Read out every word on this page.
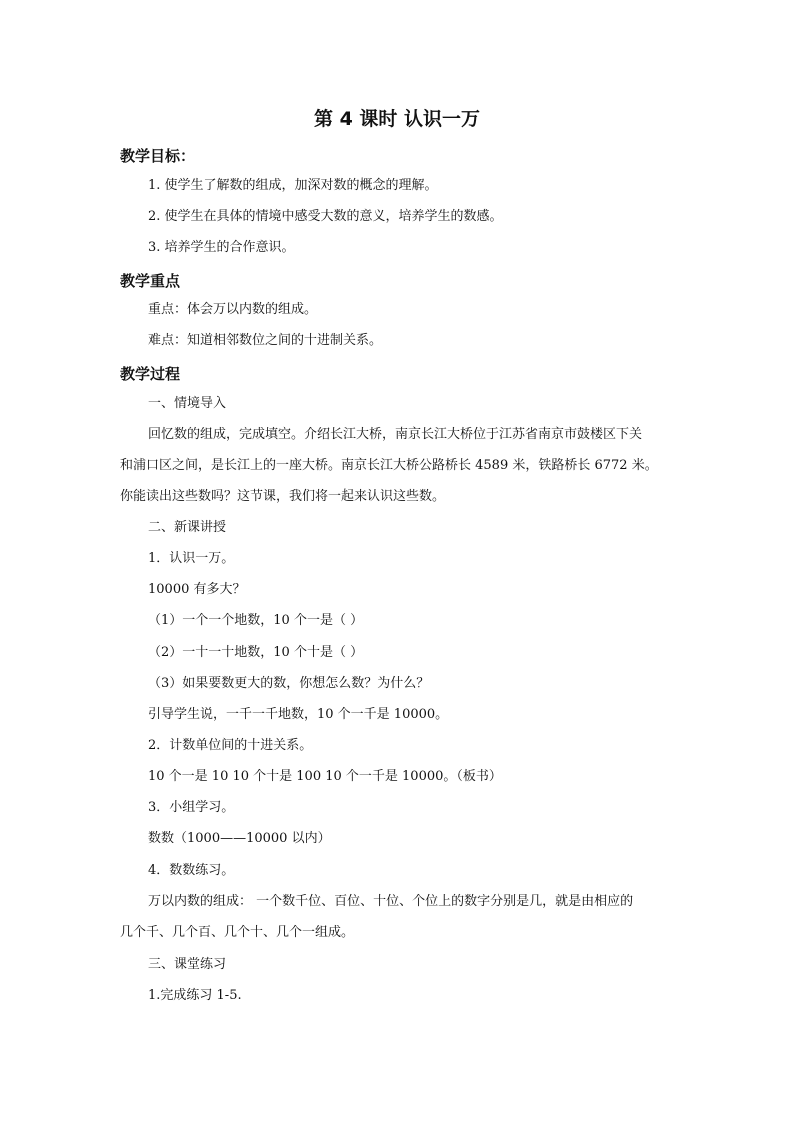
第 4 课时 认识一万
教学目标：
1. 使学生了解数的组成，加深对数的概念的理解。
2. 使学生在具体的情境中感受大数的意义，培养学生的数感。
3. 培养学生的合作意识。
教学重点
重点：体会万以内数的组成。
难点：知道相邻数位之间的十进制关系。
教学过程
一、情境导入
回忆数的组成，完成填空。介绍长江大桥，南京长江大桥位于江苏省南京市鼓楼区下关
和浦口区之间，是长江上的一座大桥。南京长江大桥公路桥长 4589 米，铁路桥长 6772 米。
你能读出这些数吗？这节课，我们将一起来认识这些数。
二、新课讲授
1．认识一万。
10000 有多大？
（1）一个一个地数，10 个一是（ ）
（2）一十一十地数，10 个十是（ ）
（3）如果要数更大的数，你想怎么数？为什么？
引导学生说，一千一千地数，10 个一千是 10000。
2．计数单位间的十进关系。
10 个一是 10 10 个十是 100 10 个一千是 10000。（板书）
3．小组学习。
数数（1000——10000 以内）
4．数数练习。
万以内数的组成： 一个数千位、百位、十位、个位上的数字分别是几，就是由相应的
几个千、几个百、几个十、几个一组成。
三、课堂练习
1.完成练习 1-5.
